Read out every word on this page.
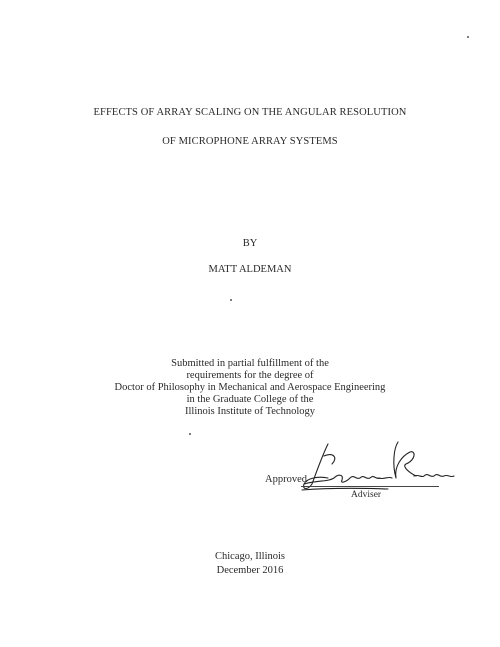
EFFECTS OF ARRAY SCALING ON THE ANGULAR RESOLUTION
OF MICROPHONE ARRAY SYSTEMS
BY
MATT ALDEMAN
Submitted in partial fulfillment of the
requirements for the degree of
Doctor of Philosophy in Mechanical and Aerospace Engineering
in the Graduate College of the
Illinois Institute of Technology
Approved
Adviser
Chicago, Illinois
December 2016
